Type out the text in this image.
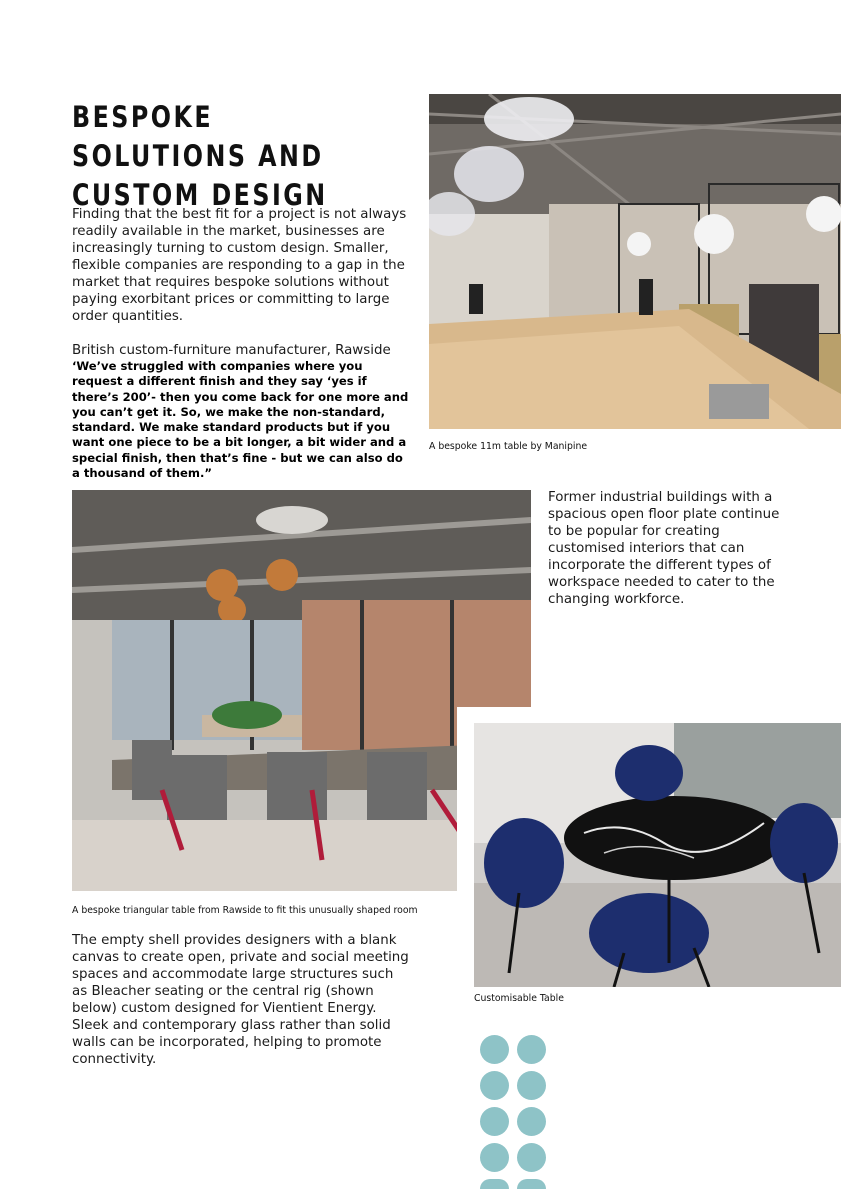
BESPOKE SOLUTIONS AND
CUSTOM DESIGN
Finding that the best fit for a project is not always readily available in the market, businesses are increasingly turning to custom design. Smaller, flexible companies are responding to a gap in the market that requires bespoke solutions without paying exorbitant prices or committing to large order quantities.
British custom-furniture manufacturer, Rawside
‘We’ve struggled with companies where you request a different finish and they say ‘yes if there’s 200’- then you come back for one more and you can’t get it. So, we make the non-standard, standard. We make standard products but if you want one piece to be a bit longer, a bit wider and a special finish, then that’s fine - but we can also do a thousand of them.”
A bespoke 11m table by Manipine
Former industrial buildings with a spacious open floor plate continue to be popular for creating customised interiors that can incorporate the different types of workspace needed to cater to the changing workforce.
A bespoke triangular table from Rawside to fit this unusually shaped room
Customisable Table
The empty shell provides designers with a blank canvas to create open, private and social meeting spaces and accommodate large structures such as Bleacher seating or the central rig (shown below) custom designed for Vientient Energy. Sleek and contemporary glass rather than solid walls can be incorporated, helping to promote connectivity.
